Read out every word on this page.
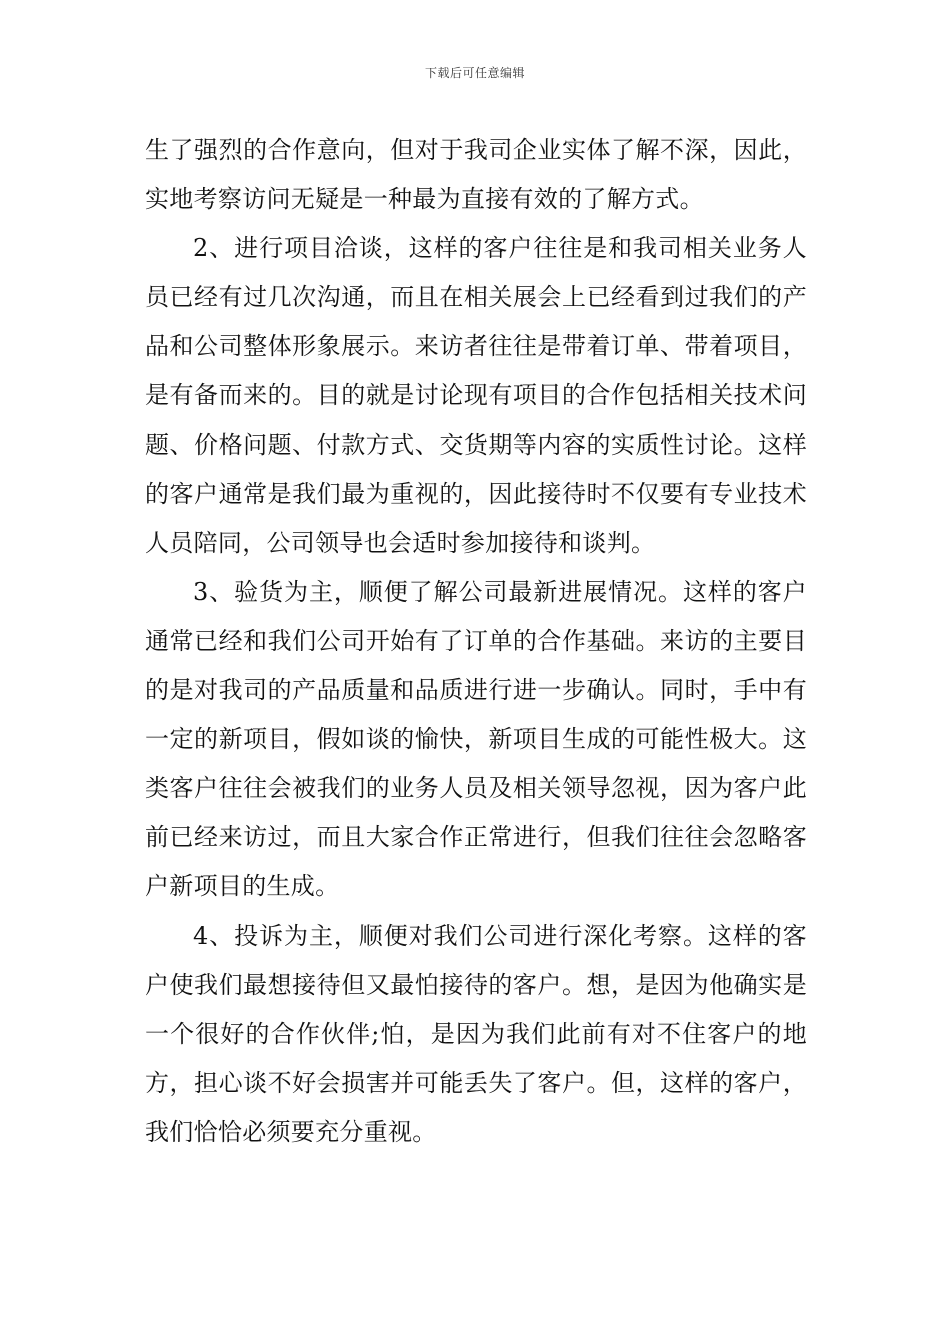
下载后可任意编辑

生了强烈的合作意向，但对于我司企业实体了解不深，因此，实地考察访问无疑是一种最为直接有效的了解方式。

2、进行项目洽谈，这样的客户往往是和我司相关业务人员已经有过几次沟通，而且在相关展会上已经看到过我们的产品和公司整体形象展示。来访者往往是带着订单、带着项目，是有备而来的。目的就是讨论现有项目的合作包括相关技术问题、价格问题、付款方式、交货期等内容的实质性讨论。这样的客户通常是我们最为重视的，因此接待时不仅要有专业技术人员陪同，公司领导也会适时参加接待和谈判。

3、验货为主，顺便了解公司最新进展情况。这样的客户通常已经和我们公司开始有了订单的合作基础。来访的主要目的是对我司的产品质量和品质进行进一步确认。同时，手中有一定的新项目，假如谈的愉快，新项目生成的可能性极大。这类客户往往会被我们的业务人员及相关领导忽视，因为客户此前已经来访过，而且大家合作正常进行，但我们往往会忽略客户新项目的生成。

4、投诉为主，顺便对我们公司进行深化考察。这样的客户使我们最想接待但又最怕接待的客户。想，是因为他确实是一个很好的合作伙伴;怕，是因为我们此前有对不住客户的地方，担心谈不好会损害并可能丢失了客户。但，这样的客户，我们恰恰必须要充分重视。
